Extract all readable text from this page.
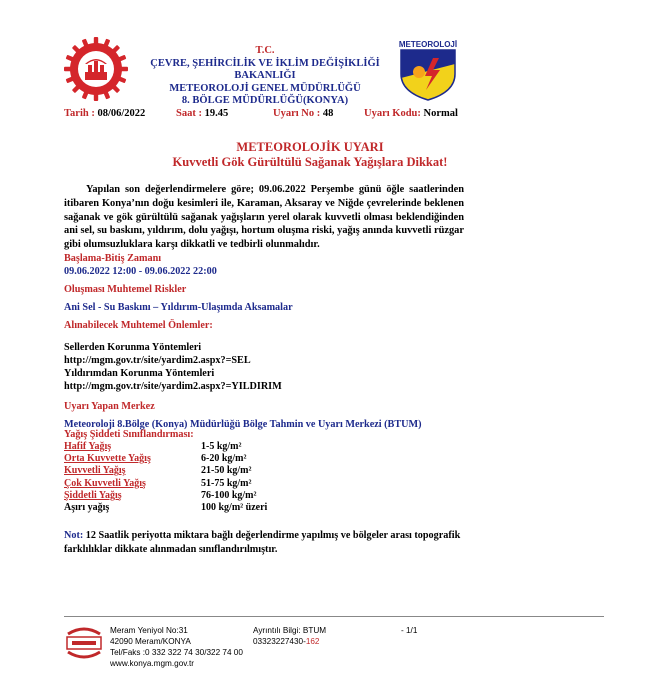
T.C.
ÇEVRE, ŞEHİRCİLİK VE İKLİM DEĞİŞİKLİĞİ BAKANLIĞI
METEOROLOJİ GENEL MÜDÜRLÜĞÜ
8. BÖLGE MÜDÜRLÜĞÜ(KONYA)
METEOROLOJİ
Tarih : 08/06/2022	Saat : 19.45	Uyarı No : 48	Uyarı Kodu: Normal
METEOROLOJİK UYARI
Kuvvetli Gök Gürültülü Sağanak Yağışlara Dikkat!
Yapılan son değerlendirmelere göre; 09.06.2022 Perşembe günü öğle saatlerinden itibaren Konya’nın doğu kesimleri ile, Karaman, Aksaray ve Niğde çevrelerinde beklenen sağanak ve gök gürültülü sağanak yağışların yerel olarak kuvvetli olması beklendiğinden ani sel, su baskını, yıldırım, dolu yağışı, hortum oluşma riski, yağış anında kuvvetli rüzgar gibi olumsuzluklara karşı dikkatli ve tedbirli olunmalıdır.
Başlama-Bitiş Zamanı
09.06.2022 12:00 - 09.06.2022 22:00
Oluşması Muhtemel Riskler
Ani Sel - Su Baskını – Yıldırım-Ulaşımda Aksamalar
Alınabilecek Muhtemel Önlemler:
Sellerden Korunma Yöntemleri
http://mgm.gov.tr/site/yardim2.aspx?=SEL
Yıldırımdan Korunma Yöntemleri
http://mgm.gov.tr/site/yardim2.aspx?=YILDIRIM
Uyarı Yapan Merkez
Meteoroloji 8.Bölge (Konya) Müdürlüğü Bölge Tahmin ve Uyarı Merkezi (BTUM)
Yağış Şiddeti Sınıflandırması:
Hafif Yağış	1-5 kg/m²
Orta Kuvvette Yağış	6-20 kg/m²
Kuvvetli Yağış	21-50 kg/m²
Çok Kuvvetli Yağış	51-75 kg/m²
Şiddetli Yağış	76-100 kg/m²
Aşırı yağış	100 kg/m² üzeri
Not: 12 Saatlik periyotta miktara bağlı değerlendirme yapılmış ve bölgeler arası topografik farklılıklar dikkate alınmadan sınıflandırılmıştır.
Meram Yeniyol No:31
42090 Meram/KONYA
Tel/Faks :0 332 322 74 30/322 74 00
www.konya.mgm.gov.tr
Ayrıntılı Bilgi: BTUM
03323227430-162
- 1/1
